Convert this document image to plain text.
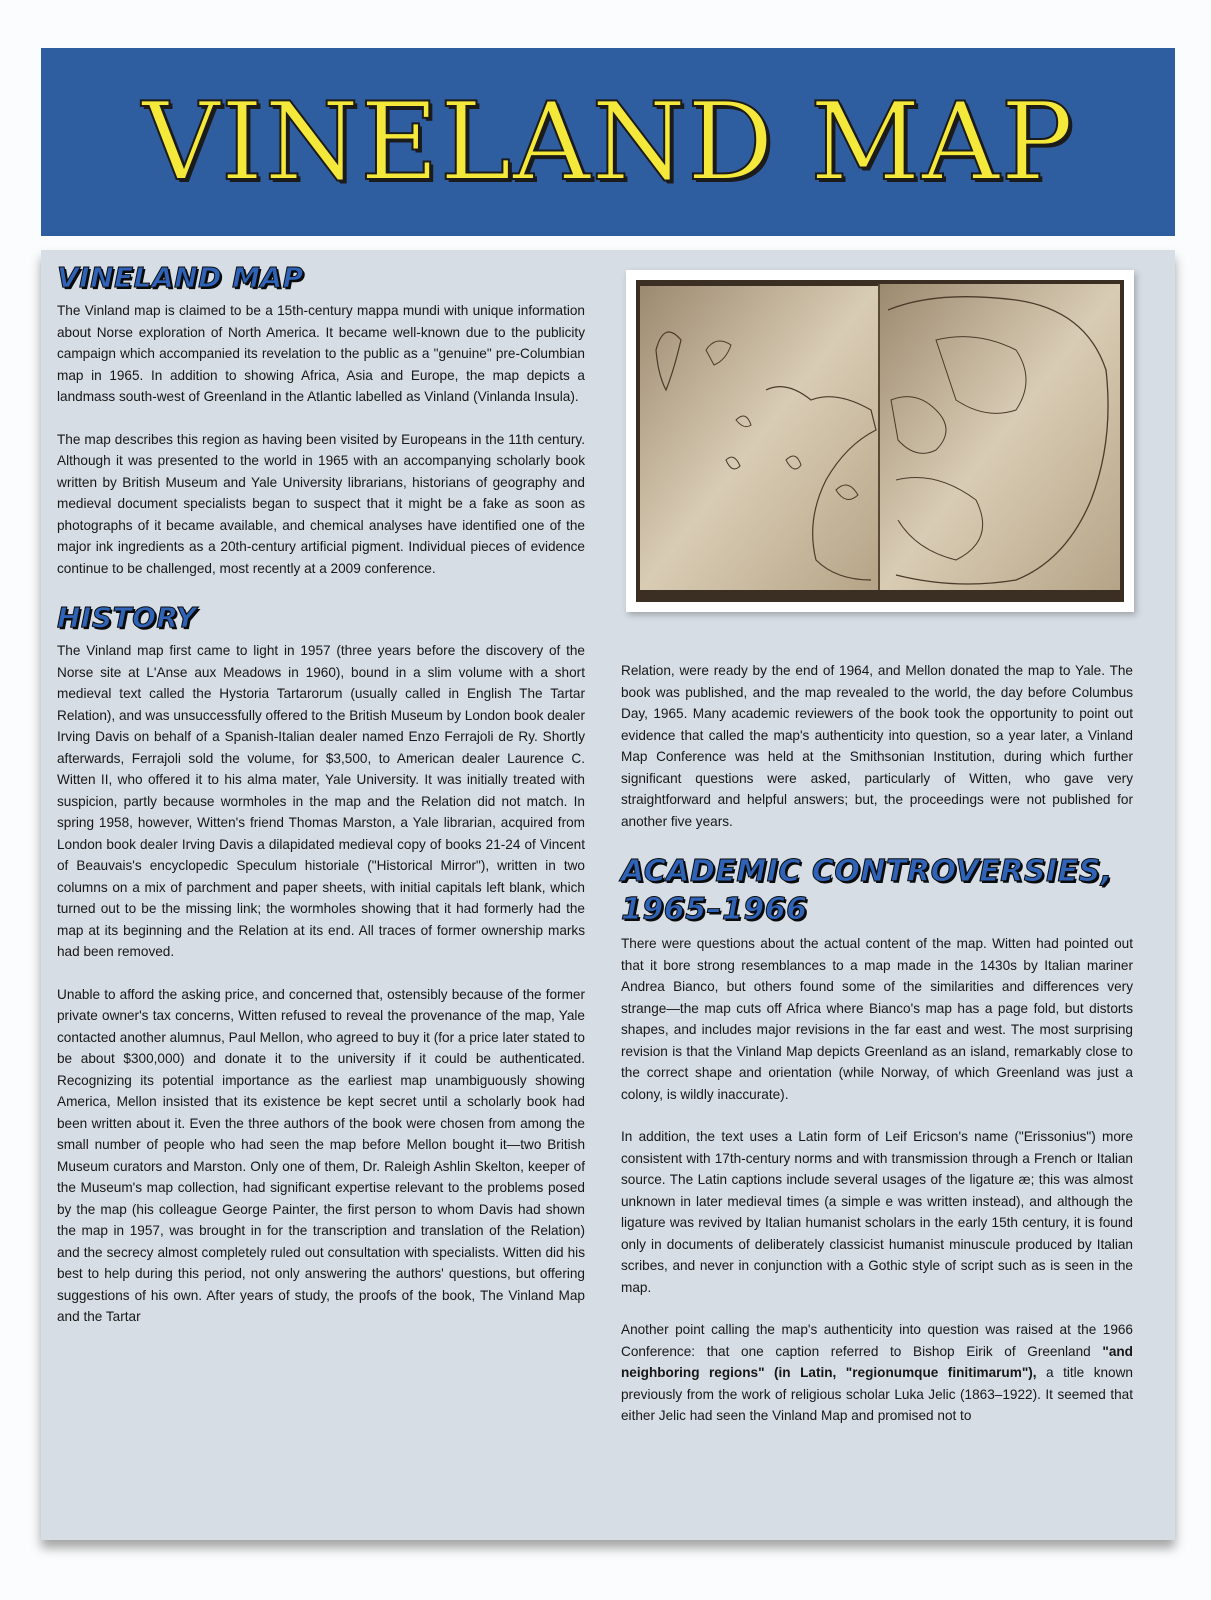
VINELAND MAP
VINELAND MAP

The Vinland map is claimed to be a 15th-century mappa mundi with unique information about Norse exploration of North America. It became well-known due to the publicity campaign which accompanied its revelation to the public as a "genuine" pre-Columbian map in 1965. In addition to showing Africa, Asia and Europe, the map depicts a landmass south-west of Greenland in the Atlantic labelled as Vinland (Vinlanda Insula).

The map describes this region as having been visited by Europeans in the 11th century. Although it was presented to the world in 1965 with an accompanying scholarly book written by British Museum and Yale University librarians, historians of geography and medieval document specialists began to suspect that it might be a fake as soon as photographs of it became available, and chemical analyses have identified one of the major ink ingredients as a 20th-century artificial pigment. Individual pieces of evidence continue to be challenged, most recently at a 2009 conference.

HISTORY

The Vinland map first came to light in 1957 (three years before the discovery of the Norse site at L'Anse aux Meadows in 1960), bound in a slim volume with a short medieval text called the Hystoria Tartarorum (usually called in English The Tartar Relation), and was unsuccessfully offered to the British Museum by London book dealer Irving Davis on behalf of a Spanish-Italian dealer named Enzo Ferrajoli de Ry. Shortly afterwards, Ferrajoli sold the volume, for $3,500, to American dealer Laurence C. Witten II, who offered it to his alma mater, Yale University. It was initially treated with suspicion, partly because wormholes in the map and the Relation did not match. In spring 1958, however, Witten's friend Thomas Marston, a Yale librarian, acquired from London book dealer Irving Davis a dilapidated medieval copy of books 21-24 of Vincent of Beauvais's encyclopedic Speculum historiale ("Historical Mirror"), written in two columns on a mix of parchment and paper sheets, with initial capitals left blank, which turned out to be the missing link; the wormholes showing that it had formerly had the map at its beginning and the Relation at its end. All traces of former ownership marks had been removed.

Unable to afford the asking price, and concerned that, ostensibly because of the former private owner's tax concerns, Witten refused to reveal the provenance of the map, Yale contacted another alumnus, Paul Mellon, who agreed to buy it (for a price later stated to be about $300,000) and donate it to the university if it could be authenticated. Recognizing its potential importance as the earliest map unambiguously showing America, Mellon insisted that its existence be kept secret until a scholarly book had been written about it. Even the three authors of the book were chosen from among the small number of people who had seen the map before Mellon bought it—two British Museum curators and Marston. Only one of them, Dr. Raleigh Ashlin Skelton, keeper of the Museum's map collection, had significant expertise relevant to the problems posed by the map (his colleague George Painter, the first person to whom Davis had shown the map in 1957, was brought in for the transcription and translation of the Relation) and the secrecy almost completely ruled out consultation with specialists. Witten did his best to help during this period, not only answering the authors' questions, but offering suggestions of his own. After years of study, the proofs of the book, The Vinland Map and the Tartar

Relation, were ready by the end of 1964, and Mellon donated the map to Yale. The book was published, and the map revealed to the world, the day before Columbus Day, 1965. Many academic reviewers of the book took the opportunity to point out evidence that called the map's authenticity into question, so a year later, a Vinland Map Conference was held at the Smithsonian Institution, during which further significant questions were asked, particularly of Witten, who gave very straightforward and helpful answers; but, the proceedings were not published for another five years.

ACADEMIC CONTROVERSIES,
1965–1966

There were questions about the actual content of the map. Witten had pointed out that it bore strong resemblances to a map made in the 1430s by Italian mariner Andrea Bianco, but others found some of the similarities and differences very strange—the map cuts off Africa where Bianco's map has a page fold, but distorts shapes, and includes major revisions in the far east and west. The most surprising revision is that the Vinland Map depicts Greenland as an island, remarkably close to the correct shape and orientation (while Norway, of which Greenland was just a colony, is wildly inaccurate).

In addition, the text uses a Latin form of Leif Ericson's name ("Erissonius") more consistent with 17th-century norms and with transmission through a French or Italian source. The Latin captions include several usages of the ligature æ; this was almost unknown in later medieval times (a simple e was written instead), and although the ligature was revived by Italian humanist scholars in the early 15th century, it is found only in documents of deliberately classicist humanist minuscule produced by Italian scribes, and never in conjunction with a Gothic style of script such as is seen in the map.

Another point calling the map's authenticity into question was raised at the 1966 Conference: that one caption referred to Bishop Eirik of Greenland "and neighboring regions" (in Latin, "regionumque finitimarum"), a title known previously from the work of religious scholar Luka Jelic (1863–1922). It seemed that either Jelic had seen the Vinland Map and promised not to
